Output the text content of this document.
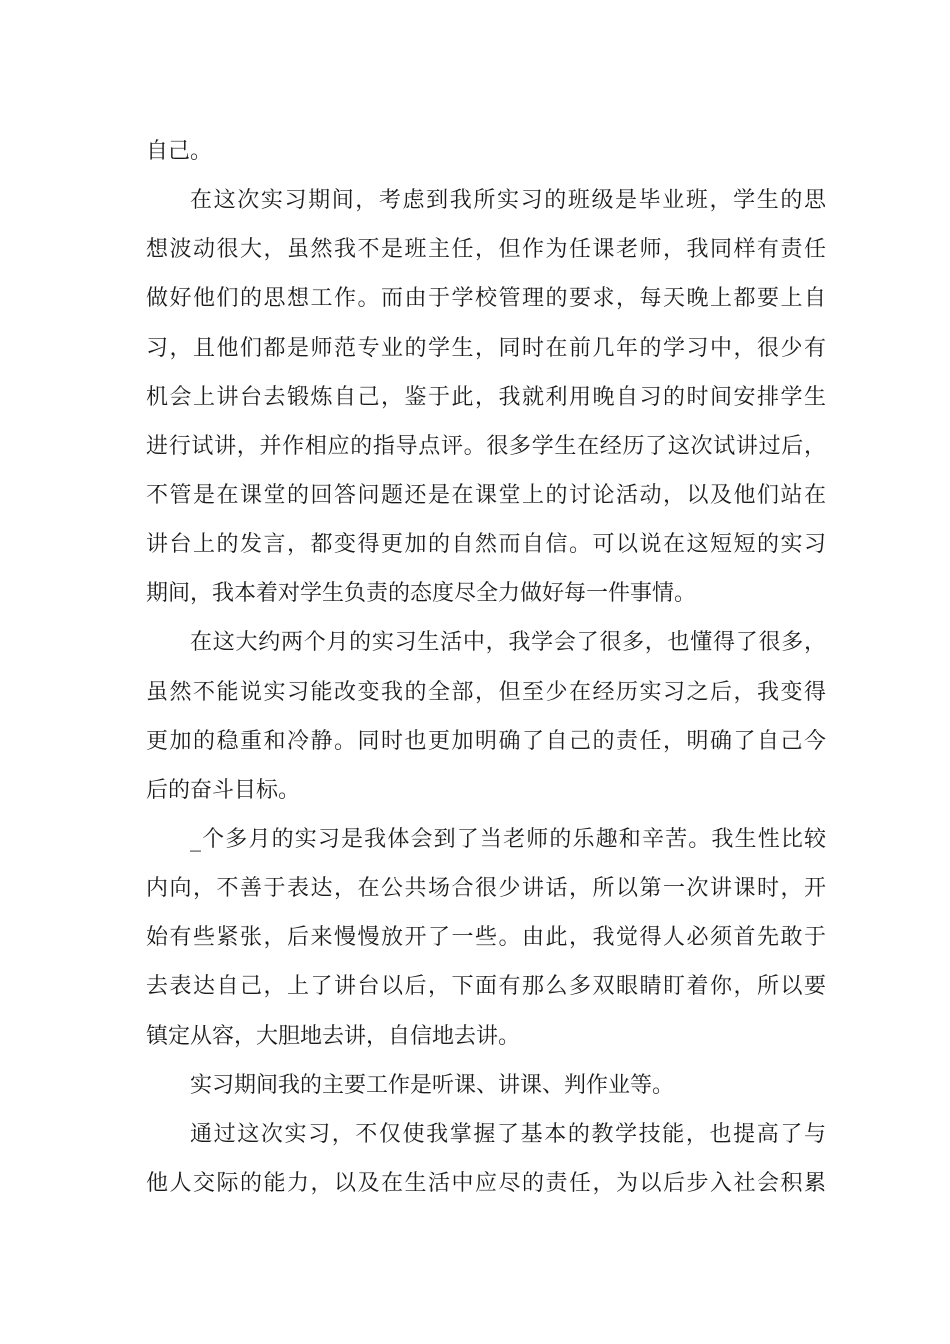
自己。
在这次实习期间，考虑到我所实习的班级是毕业班，学生的思
想波动很大，虽然我不是班主任，但作为任课老师，我同样有责任
做好他们的思想工作。而由于学校管理的要求，每天晚上都要上自
习，且他们都是师范专业的学生，同时在前几年的学习中，很少有
机会上讲台去锻炼自己，鉴于此，我就利用晚自习的时间安排学生
进行试讲，并作相应的指导点评。很多学生在经历了这次试讲过后，
不管是在课堂的回答问题还是在课堂上的讨论活动，以及他们站在
讲台上的发言，都变得更加的自然而自信。可以说在这短短的实习
期间，我本着对学生负责的态度尽全力做好每一件事情。
在这大约两个月的实习生活中，我学会了很多，也懂得了很多，
虽然不能说实习能改变我的全部，但至少在经历实习之后，我变得
更加的稳重和冷静。同时也更加明确了自己的责任，明确了自己今
后的奋斗目标。
_个多月的实习是我体会到了当老师的乐趣和辛苦。我生性比较
内向，不善于表达，在公共场合很少讲话，所以第一次讲课时，开
始有些紧张，后来慢慢放开了一些。由此，我觉得人必须首先敢于
去表达自己，上了讲台以后，下面有那么多双眼睛盯着你，所以要
镇定从容，大胆地去讲，自信地去讲。
实习期间我的主要工作是听课、讲课、判作业等。
通过这次实习，不仅使我掌握了基本的教学技能，也提高了与
他人交际的能力，以及在生活中应尽的责任，为以后步入社会积累
